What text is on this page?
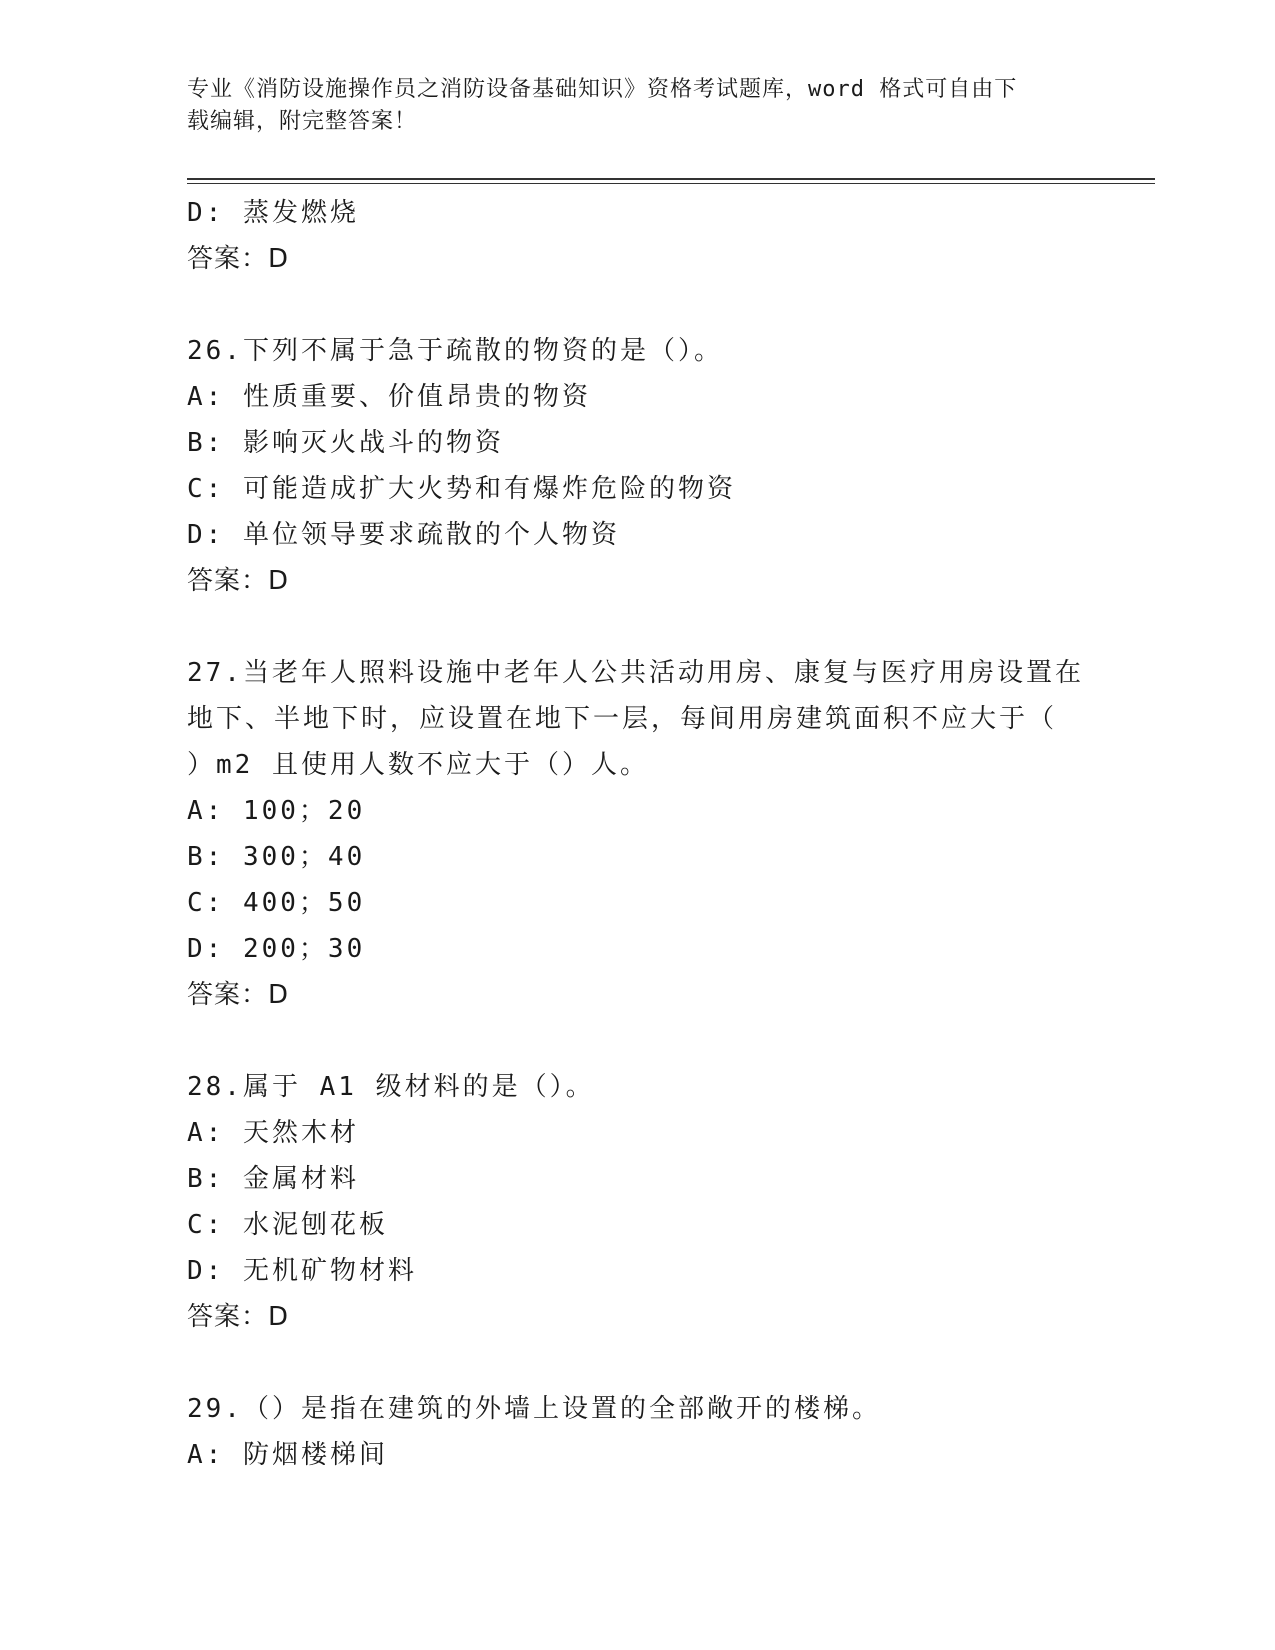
专业《消防设施操作员之消防设备基础知识》资格考试题库，word 格式可自由下
载编辑，附完整答案！
D: 蒸发燃烧
答案：D
26.下列不属于急于疏散的物资的是（）。
A: 性质重要、价值昂贵的物资
B: 影响灭火战斗的物资
C: 可能造成扩大火势和有爆炸危险的物资
D: 单位领导要求疏散的个人物资
答案：D
27.当老年人照料设施中老年人公共活动用房、康复与医疗用房设置在
地下、半地下时，应设置在地下一层，每间用房建筑面积不应大于（
）m2 且使用人数不应大于（）人。
A: 100；20
B: 300；40
C: 400；50
D: 200；30
答案：D
28.属于 A1 级材料的是（）。
A: 天然木材
B: 金属材料
C: 水泥刨花板
D: 无机矿物材料
答案：D
29.（）是指在建筑的外墙上设置的全部敞开的楼梯。
A: 防烟楼梯间
